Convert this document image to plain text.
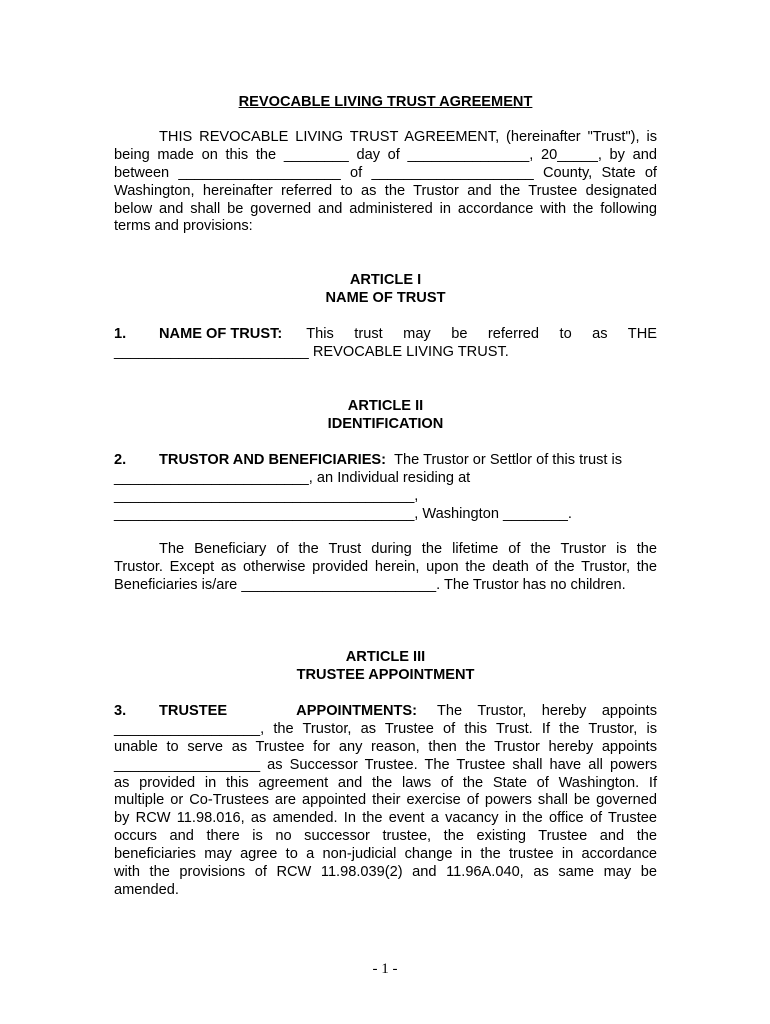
REVOCABLE LIVING TRUST AGREEMENT

THIS REVOCABLE LIVING TRUST AGREEMENT, (hereinafter "Trust"), is

being made on this the ________ day of _______________, 20_____, by and

between ____________________ of ____________________ County, State of

Washington, hereinafter referred to as the Trustor and the Trustee designated

below and shall be governed and administered in accordance with the following

terms and provisions:

ARTICLE I

NAME OF TRUST

1. NAME OF TRUST: This trust may be referred to as THE

________________________ REVOCABLE LIVING TRUST.

ARTICLE II

IDENTIFICATION

2. TRUSTOR AND BENEFICIARIES: The Trustor or Settlor of this trust is

________________________, an Individual residing at

_____________________________________,

_____________________________________, Washington ________.

The Beneficiary of the Trust during the lifetime of the Trustor is the

Trustor. Except as otherwise provided herein, upon the death of the Trustor, the

Beneficiaries is/are ________________________. The Trustor has no children.

ARTICLE III

TRUSTEE APPOINTMENT

3.	TRUSTEE APPOINTMENTS: The Trustor, hereby appoints

__________________, the Trustor, as Trustee of this Trust. If the Trustor, is

unable to serve as Trustee for any reason, then the Trustor hereby appoints

__________________ as Successor Trustee. The Trustee shall have all powers

as provided in this agreement and the laws of the State of Washington. If

multiple or Co-Trustees are appointed their exercise of powers shall be governed

by RCW 11.98.016, as amended. In the event a vacancy in the office of Trustee

occurs and there is no successor trustee, the existing Trustee and the

beneficiaries may agree to a non-judicial change in the trustee in accordance

with the provisions of RCW 11.98.039(2) and 11.96A.040, as same may be

amended.

- 1 -
